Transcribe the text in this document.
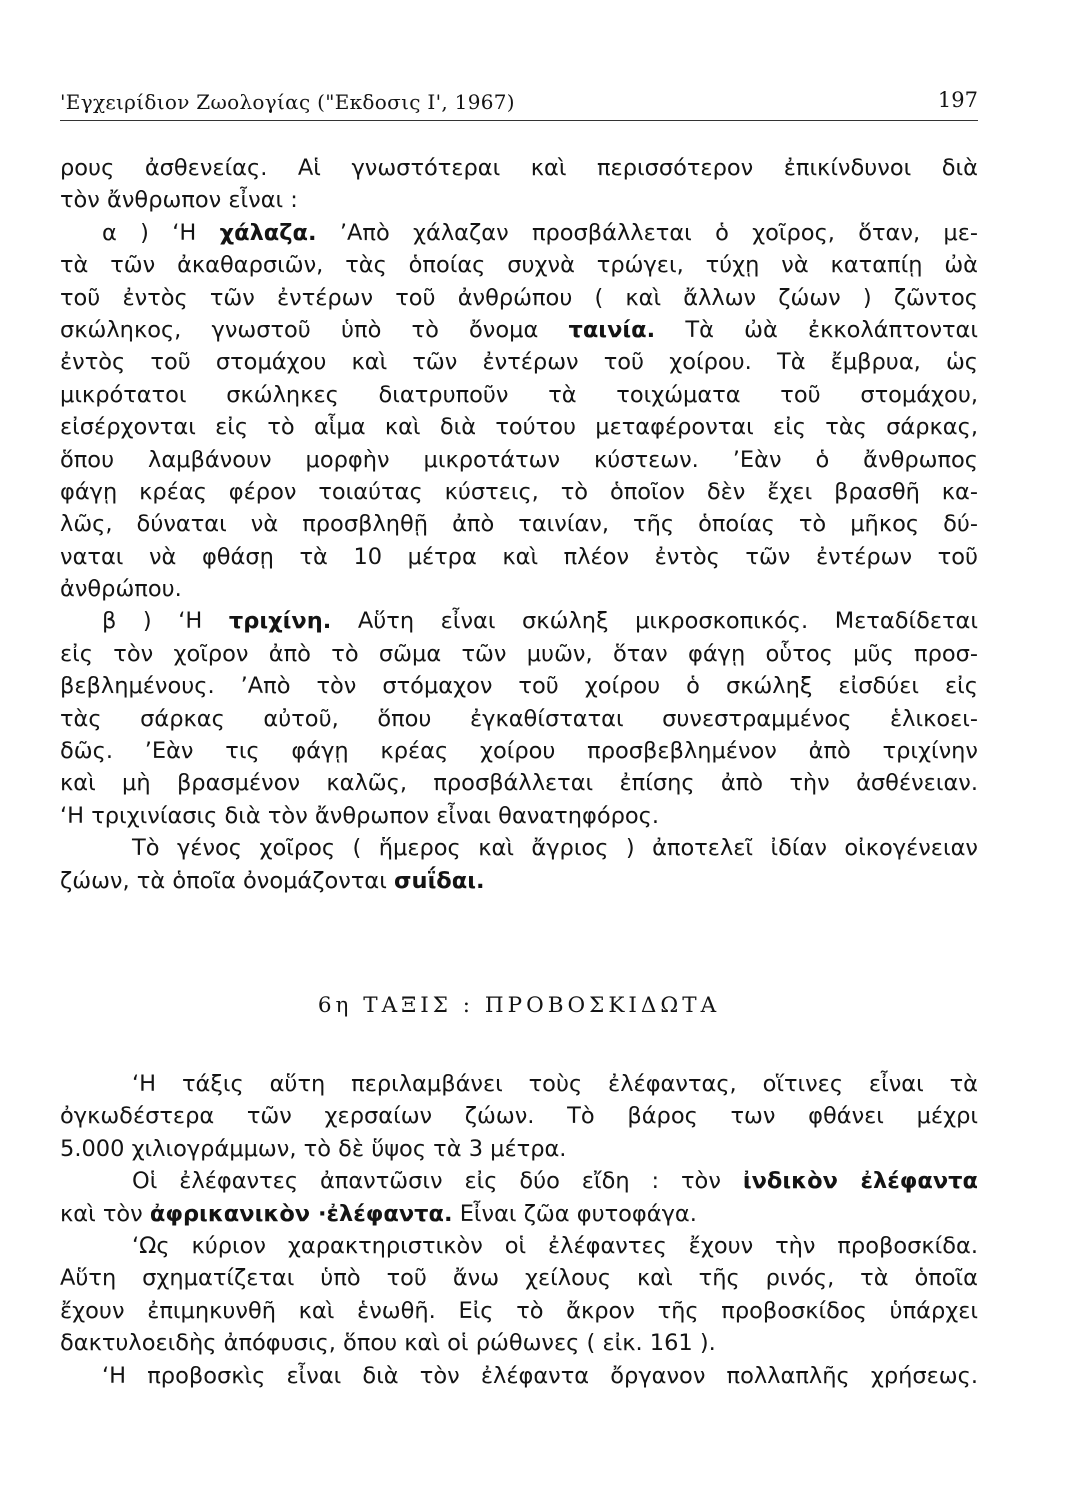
'Εγχειρίδιον Ζωολογίας ("Εκδοσις Ι', 1967)	197
ρους ἀσθενείας. Αἱ γνωστότεραι καὶ περισσότερον ἐπικίνδυνοι διὰ
τὸν ἄνθρωπον εἶναι :
α ) ‘Η χάλαζα. ’Απὸ χάλαζαν προσβάλλεται ὁ χοῖρος, ὅταν, με-
τὰ τῶν ἀκαθαρσιῶν, τὰς ὁποίας συχνὰ τρώγει, τύχῃ νὰ καταπίῃ ὠὰ
τοῦ ἐντὸς τῶν ἐντέρων τοῦ ἀνθρώπου ( καὶ ἄλλων ζώων ) ζῶντος
σκώληκος, γνωστοῦ ὑπὸ τὸ ὄνομα ταινία. Τὰ ὠὰ ἐκκολάπτονται
ἐντὸς τοῦ στομάχου καὶ τῶν ἐντέρων τοῦ χοίρου. Τὰ ἔμβρυα, ὡς
μικρότατοι σκώληκες διατρυποῦν τὰ τοιχώματα τοῦ στομάχου,
εἰσέρχονται εἰς τὸ αἷμα καὶ διὰ τούτου μεταφέρονται εἰς τὰς σάρκας,
ὅπου λαμβάνουν μορφὴν μικροτάτων κύστεων. ’Εὰν ὁ ἄνθρωπος
φάγῃ κρέας φέρον τοιαύτας κύστεις, τὸ ὁποῖον δὲν ἔχει βρασθῆ κα-
λῶς, δύναται νὰ προσβληθῇ ἀπὸ ταινίαν, τῆς ὁποίας τὸ μῆκος δύ-
ναται νὰ φθάσῃ τὰ 10 μέτρα καὶ πλέον ἐντὸς τῶν ἐντέρων τοῦ
ἀνθρώπου.
β ) ‘Η τριχίνη. Αὕτη εἶναι σκώληξ μικροσκοπικός. Μεταδίδεται
εἰς τὸν χοῖρον ἀπὸ τὸ σῶμα τῶν μυῶν, ὅταν φάγῃ οὗτος μῦς προσ-
βεβλημένους. ’Απὸ τὸν στόμαχον τοῦ χοίρου ὁ σκώληξ εἰσδύει εἰς
τὰς σάρκας αὐτοῦ, ὅπου ἐγκαθίσταται συνεστραμμένος ἑλικοει-
δῶς. ’Εὰν τις φάγῃ κρέας χοίρου προσβεβλημένον ἀπὸ τριχίνην
καὶ μὴ βρασμένον καλῶς, προσβάλλεται ἐπίσης ἀπὸ τὴν ἀσθένειαν.
‘Η τριχινίασις διὰ τὸν ἄνθρωπον εἶναι θανατηφόρος.
Τὸ γένος χοῖρος ( ἥμερος καὶ ἄγριος ) ἀποτελεῖ ἰδίαν οἰκογένειαν
ζώων, τὰ ὁποῖα ὀνομάζονται σuΐδαι.
6η ΤΑΞΙΣ : ΠΡΟΒΟΣΚΙΔΩΤΑ
‘Η τάξις αὕτη περιλαμβάνει τοὺς ἐλέφαντας, οἵτινες εἶναι τὰ
ὀγκωδέστερα τῶν χερσαίων ζώων. Τὸ βάρος των φθάνει μέχρι
5.000 χιλιογράμμων, τὸ δὲ ὕψος τὰ 3 μέτρα.
Οἱ ἐλέφαντες ἀπαντῶσιν εἰς δύο εἴδη : τὸν ἰνδικὸν ἐλέφαντα
καὶ τὸν ἀφρικανικὸν ·ἐλέφαντα. Εἶναι ζῶα φυτοφάγα.
‘Ως κύριον χαρακτηριστικὸν οἱ ἐλέφαντες ἔχουν τὴν προβοσκίδα.
Αὕτη σχηματίζεται ὑπὸ τοῦ ἄνω χείλους καὶ τῆς ρινός, τὰ ὁποῖα
ἔχουν ἐπιμηκυνθῆ καὶ ἑνωθῆ. Εἰς τὸ ἄκρον τῆς προβοσκίδος ὑπάρχει
δακτυλοειδὴς ἀπόφυσις, ὅπου καὶ οἱ ρώθωνες ( εἰκ. 161 ).
‘Η προβοσκὶς εἶναι διὰ τὸν ἐλέφαντα ὄργανον πολλαπλῆς χρήσεως.
